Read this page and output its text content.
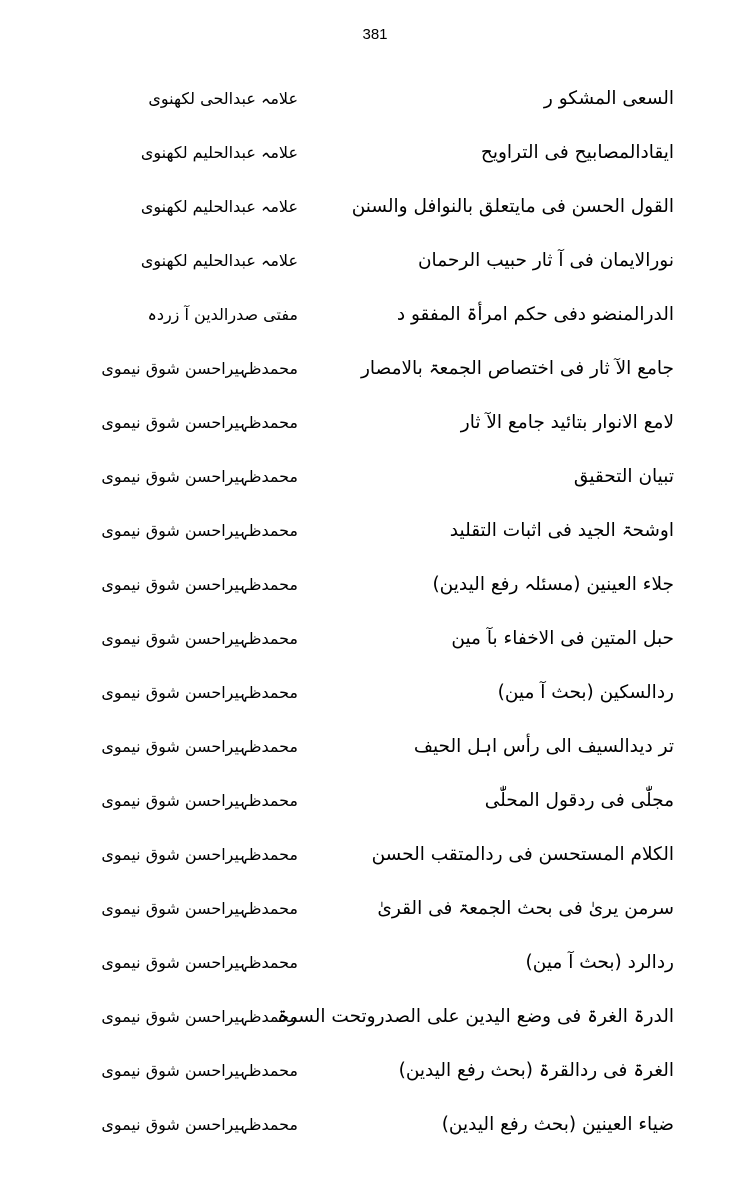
381
السعی المشکو ر
علامہ عبدالحی لکھنوی
ایقادالمصابیح فی التراویح
علامہ عبدالحلیم لکھنوی
القول الحسن فی مایتعلق بالنوافل والسنن
علامہ عبدالحلیم لکھنوی
نورالایمان فی آ ثار حبیب الرحمان
علامہ عبدالحلیم لکھنوی
الدرالمنضو دفی حکم امرأۃ المفقو د
مفتی صدرالدین آ زردہ
جامع الآ ثار فی اختصاص الجمعۃ بالامصار
محمدظہیراحسن شوق نیموی
لامع الانوار بتائید جامع الآ ثار
محمدظہیراحسن شوق نیموی
تبیان التحقیق
محمدظہیراحسن شوق نیموی
اوشحۃ الجید فی اثبات التقلید
محمدظہیراحسن شوق نیموی
جلاء العینین (مسئلہ رفع الیدین)
محمدظہیراحسن شوق نیموی
حبل المتین فی الاخفاء بآ مین
محمدظہیراحسن شوق نیموی
ردالسکین (بحث آ مین)
محمدظہیراحسن شوق نیموی
تر دیدالسیف الی رأس اہل الحیف
محمدظہیراحسن شوق نیموی
مجلّٰی فی ردقول المحلّٰی
محمدظہیراحسن شوق نیموی
الکلام المستحسن فی ردالمتقب الحسن
محمدظہیراحسن شوق نیموی
سرمن یریٰ فی بحث الجمعۃ فی القریٰ
محمدظہیراحسن شوق نیموی
ردالرد (بحث آ مین)
محمدظہیراحسن شوق نیموی
الدرۃ الغرۃ فی وضع الیدین علی الصدروتحت السرۃ
محمدظہیراحسن شوق نیموی
الغرۃ فی ردالقرۃ (بحث رفع الیدین)
محمدظہیراحسن شوق نیموی
ضیاء العینین (بحث رفع الیدین)
محمدظہیراحسن شوق نیموی
